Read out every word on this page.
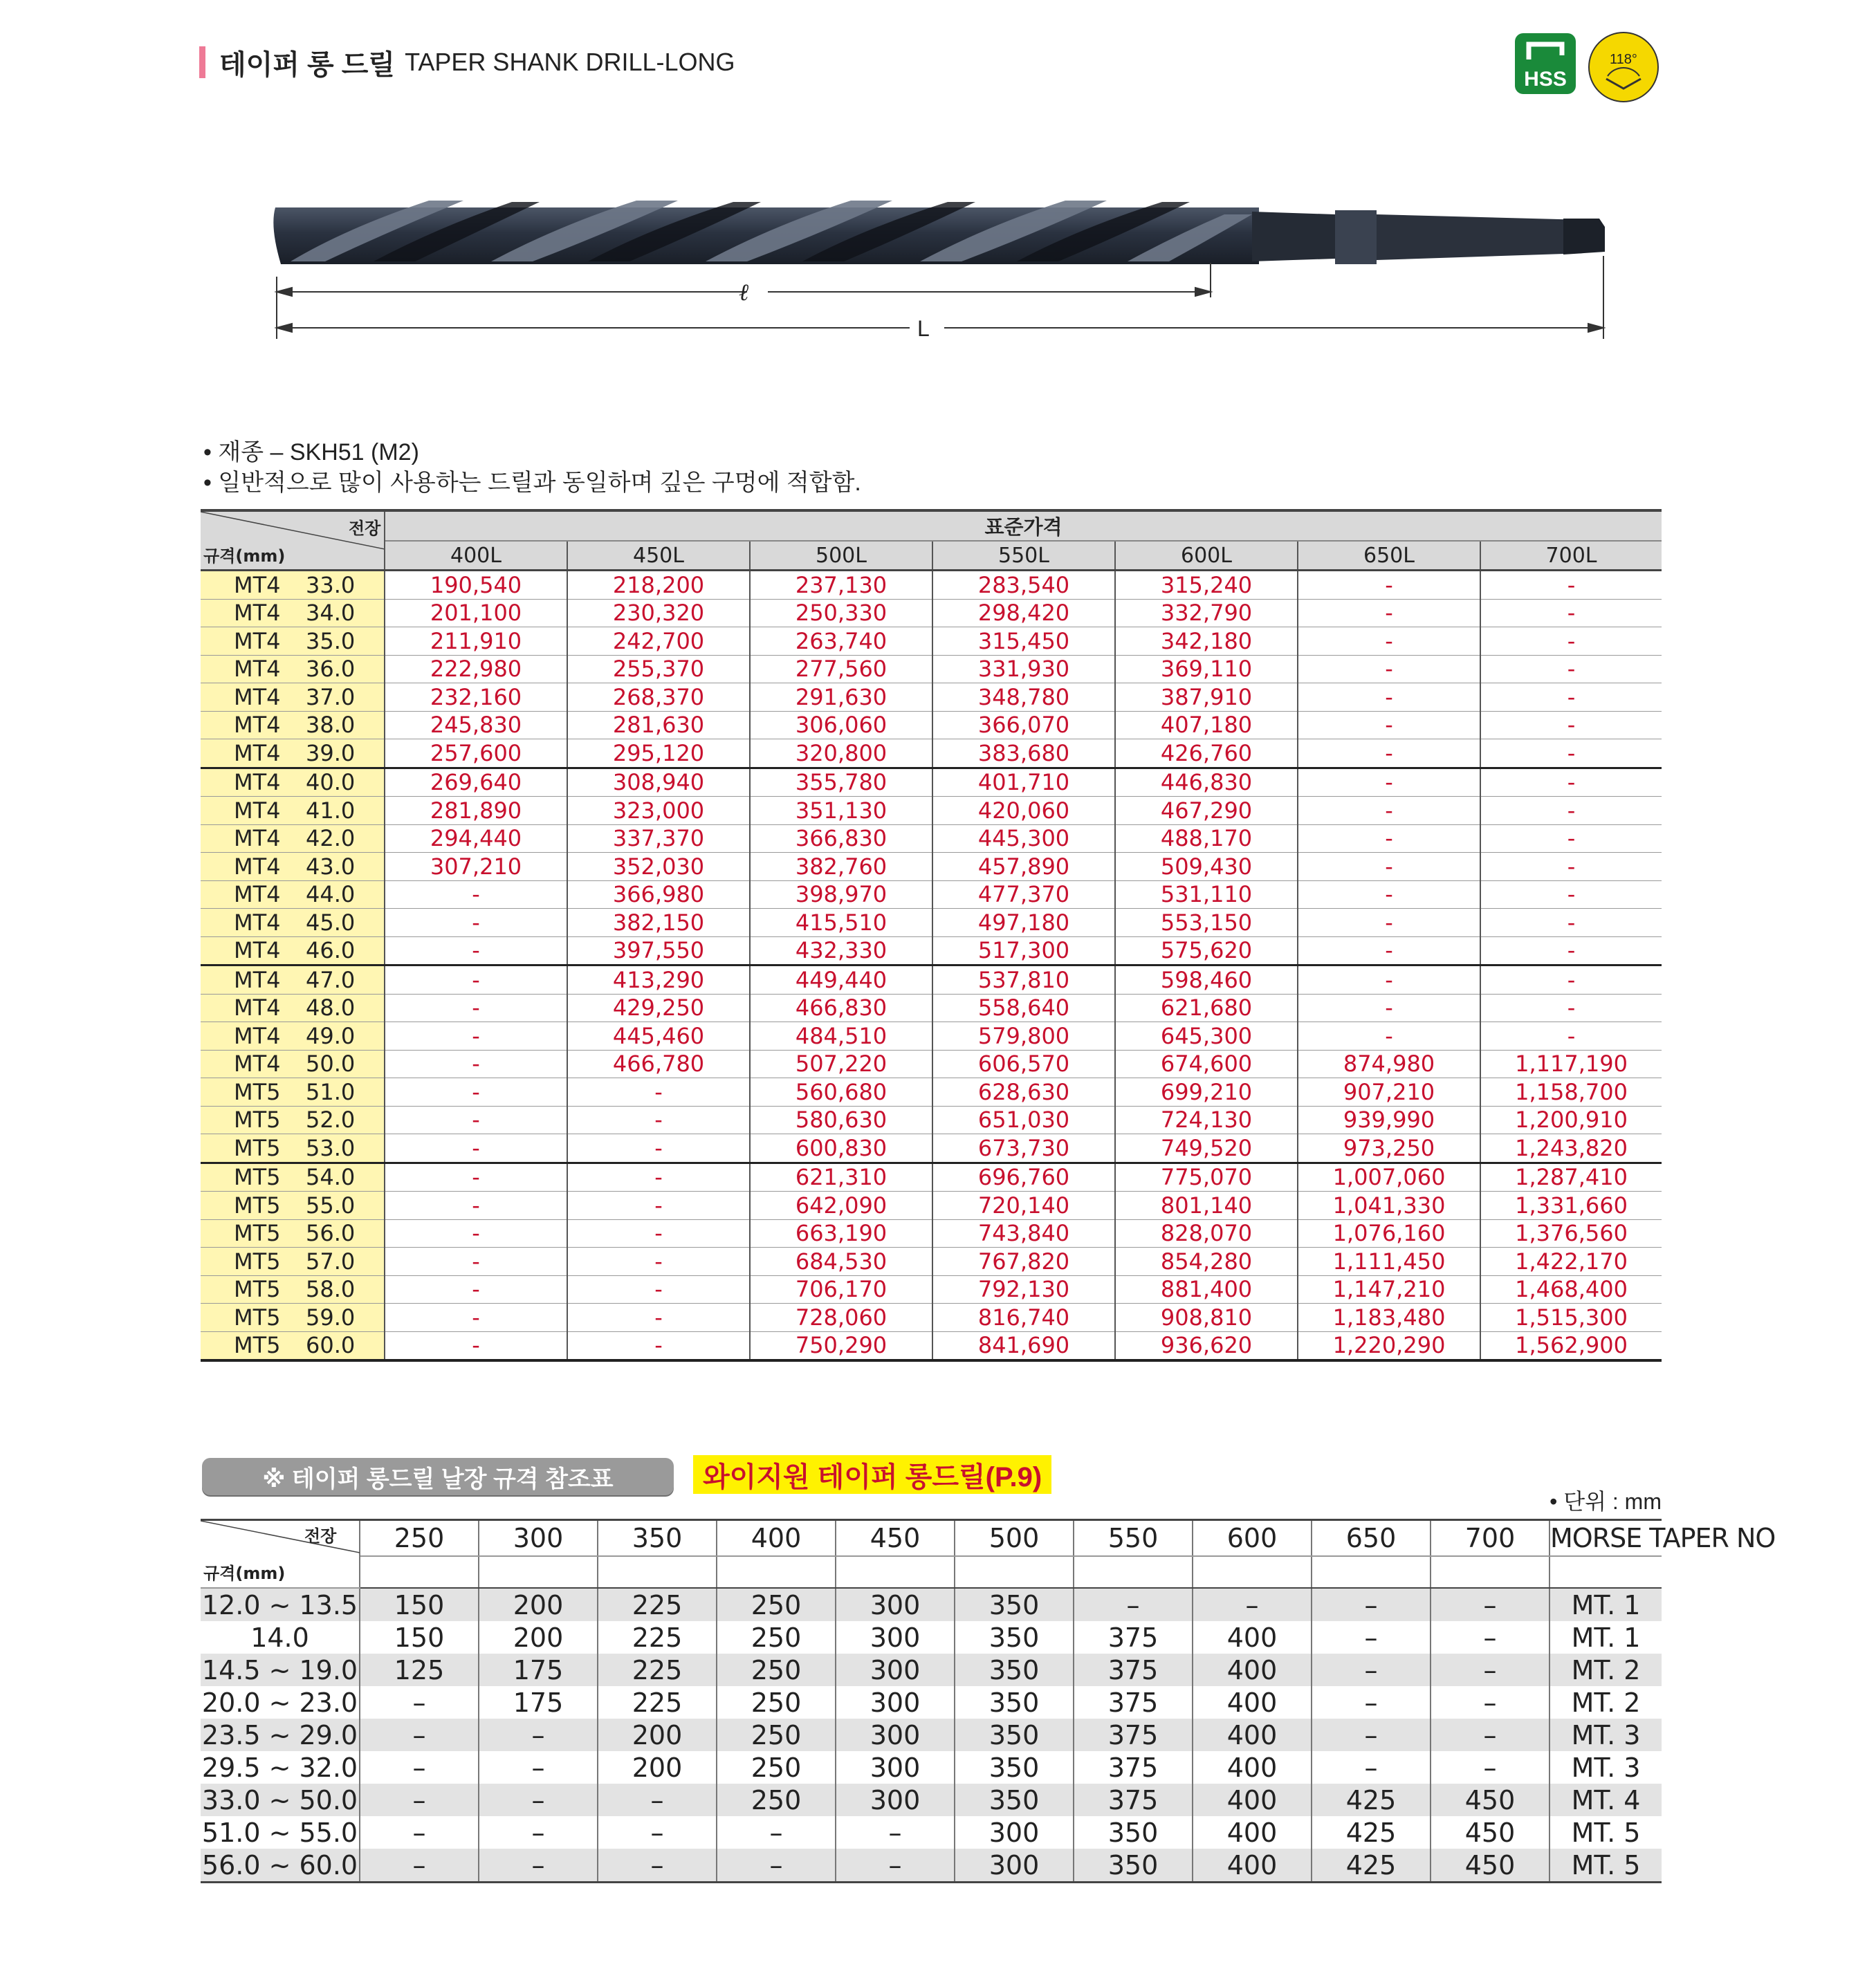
테이퍼 롱 드릴 TAPER SHANK DRILL-LONG
HSS
118°
ℓ
L
• 재종 – SKH51 (M2)
• 일반적으로 많이 사용하는 드릴과 동일하며 깊은 구멍에 적합함.
전장
규격(mm)	표준가격						
	400L	450L	500L	550L	600L	650L	700L
MT4 33.0	190,540	218,200	237,130	283,540	315,240	-	-
MT4 34.0	201,100	230,320	250,330	298,420	332,790	-	-
MT4 35.0	211,910	242,700	263,740	315,450	342,180	-	-
MT4 36.0	222,980	255,370	277,560	331,930	369,110	-	-
MT4 37.0	232,160	268,370	291,630	348,780	387,910	-	-
MT4 38.0	245,830	281,630	306,060	366,070	407,180	-	-
MT4 39.0	257,600	295,120	320,800	383,680	426,760	-	-
MT4 40.0	269,640	308,940	355,780	401,710	446,830	-	-
MT4 41.0	281,890	323,000	351,130	420,060	467,290	-	-
MT4 42.0	294,440	337,370	366,830	445,300	488,170	-	-
MT4 43.0	307,210	352,030	382,760	457,890	509,430	-	-
MT4 44.0	-	366,980	398,970	477,370	531,110	-	-
MT4 45.0	-	382,150	415,510	497,180	553,150	-	-
MT4 46.0	-	397,550	432,330	517,300	575,620	-	-
MT4 47.0	-	413,290	449,440	537,810	598,460	-	-
MT4 48.0	-	429,250	466,830	558,640	621,680	-	-
MT4 49.0	-	445,460	484,510	579,800	645,300	-	-
MT4 50.0	-	466,780	507,220	606,570	674,600	874,980	1,117,190
MT5 51.0	-	-	560,680	628,630	699,210	907,210	1,158,700
MT5 52.0	-	-	580,630	651,030	724,130	939,990	1,200,910
MT5 53.0	-	-	600,830	673,730	749,520	973,250	1,243,820
MT5 54.0	-	-	621,310	696,760	775,070	1,007,060	1,287,410
MT5 55.0	-	-	642,090	720,140	801,140	1,041,330	1,331,660
MT5 56.0	-	-	663,190	743,840	828,070	1,076,160	1,376,560
MT5 57.0	-	-	684,530	767,820	854,280	1,111,450	1,422,170
MT5 58.0	-	-	706,170	792,130	881,400	1,147,210	1,468,400
MT5 59.0	-	-	728,060	816,740	908,810	1,183,480	1,515,300
MT5 60.0	-	-	750,290	841,690	936,620	1,220,290	1,562,900
※ 테이퍼 롱드릴 날장 규격 참조표	와이지원 테이퍼 롱드릴(P.9)
• 단위 : mm
전장
규격(mm)	250	300	350	400	450	500	550	600	650	700	MORSE TAPER NO

12.0 ~ 13.5	150	200	225	250	300	350	–	–	–	–	MT. 1
14.0	150	200	225	250	300	350	375	400	–	–	MT. 1
14.5 ~ 19.0	125	175	225	250	300	350	375	400	–	–	MT. 2
20.0 ~ 23.0	–	175	225	250	300	350	375	400	–	–	MT. 2
23.5 ~ 29.0	–	–	200	250	300	350	375	400	–	–	MT. 3
29.5 ~ 32.0	–	–	200	250	300	350	375	400	–	–	MT. 3
33.0 ~ 50.0	–	–	–	250	300	350	375	400	425	450	MT. 4
51.0 ~ 55.0	–	–	–	–	–	300	350	400	425	450	MT. 5
56.0 ~ 60.0	–	–	–	–	–	300	350	400	425	450	MT. 5
